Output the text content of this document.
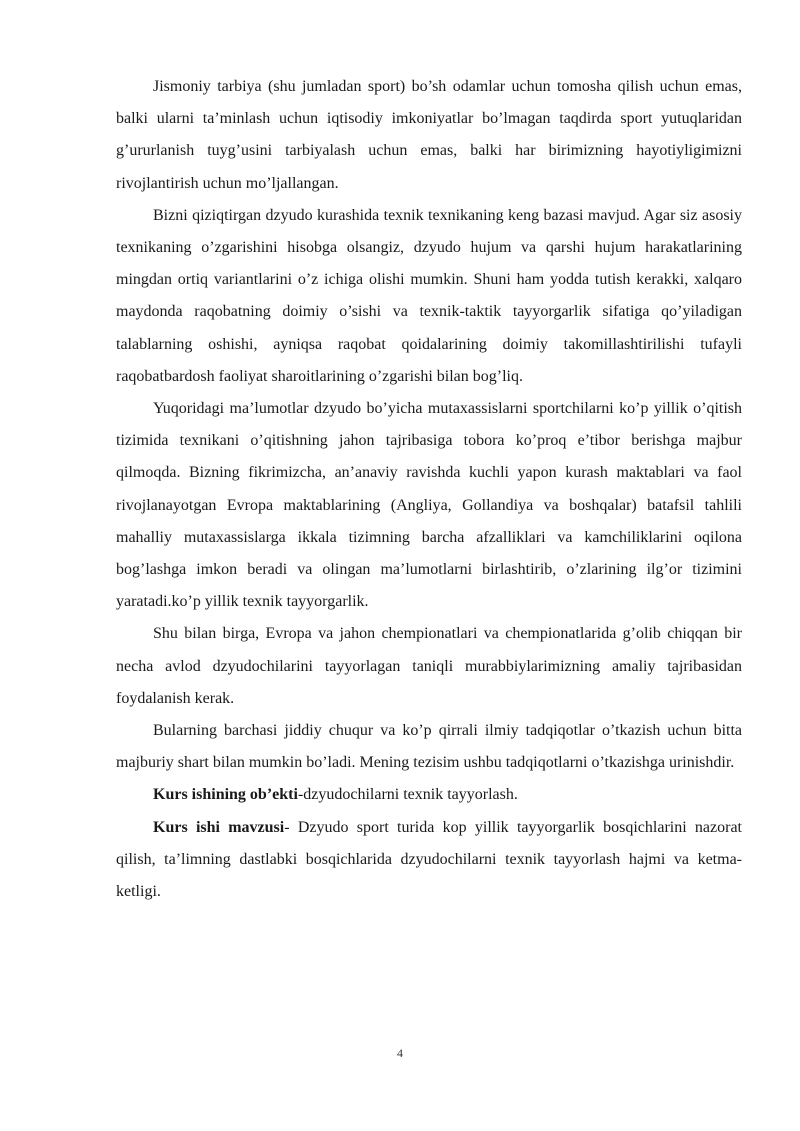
Jismoniy tarbiya (shu jumladan sport) bo’sh odamlar uchun tomosha qilish uchun emas, balki ularni ta’minlash uchun iqtisodiy imkoniyatlar bo’lmagan taqdirda sport yutuqlaridan g’ururlanish tuyg’usini tarbiyalash uchun emas, balki har birimizning hayotiyligimizni rivojlantirish uchun mo’ljallangan.

Bizni qiziqtirgan dzyudo kurashida texnik texnikaning keng bazasi mavjud. Agar siz asosiy texnikaning o’zgarishini hisobga olsangiz, dzyudo hujum va qarshi hujum harakatlarining mingdan ortiq variantlarini o’z ichiga olishi mumkin. Shuni ham yodda tutish kerakki, xalqaro maydonda raqobatning doimiy o’sishi va texnik-taktik tayyorgarlik sifatiga qo’yiladigan talablarning oshishi, ayniqsa raqobat qoidalarining doimiy takomillashtirilishi tufayli raqobatbardosh faoliyat sharoitlarining o’zgarishi bilan bog’liq.

Yuqoridagi ma’lumotlar dzyudo bo’yicha mutaxassislarni sportchilarni ko’p yillik o’qitish tizimida texnikani o’qitishning jahon tajribasiga tobora ko’proq e’tibor berishga majbur qilmoqda. Bizning fikrimizcha, an’anaviy ravishda kuchli yapon kurash maktablari va faol rivojlanayotgan Evropa maktablarining (Angliya, Gollandiya va boshqalar) batafsil tahlili mahalliy mutaxassislarga ikkala tizimning barcha afzalliklari va kamchiliklarini oqilona bog’lashga imkon beradi va olingan ma’lumotlarni birlashtirib, o’zlarining ilg’or tizimini yaratadi.ko’p yillik texnik tayyorgarlik.

Shu bilan birga, Evropa va jahon chempionatlari va chempionatlarida g’olib chiqqan bir necha avlod dzyudochilarini tayyorlagan taniqli murabbiylarimizning amaliy tajribasidan foydalanish kerak.

Bularning barchasi jiddiy chuqur va ko’p qirrali ilmiy tadqiqotlar o’tkazish uchun bitta majburiy shart bilan mumkin bo’ladi. Mening tezisim ushbu tadqiqotlarni o’tkazishga urinishdir.

Kurs ishining ob’ekti-dzyudochilarni texnik tayyorlash.

Kurs ishi mavzusi- Dzyudo sport turida kop yillik tayyorgarlik bosqichlarini nazorat qilish, ta’limning dastlabki bosqichlarida dzyudochilarni texnik tayyorlash hajmi va ketma-ketligi.

4
